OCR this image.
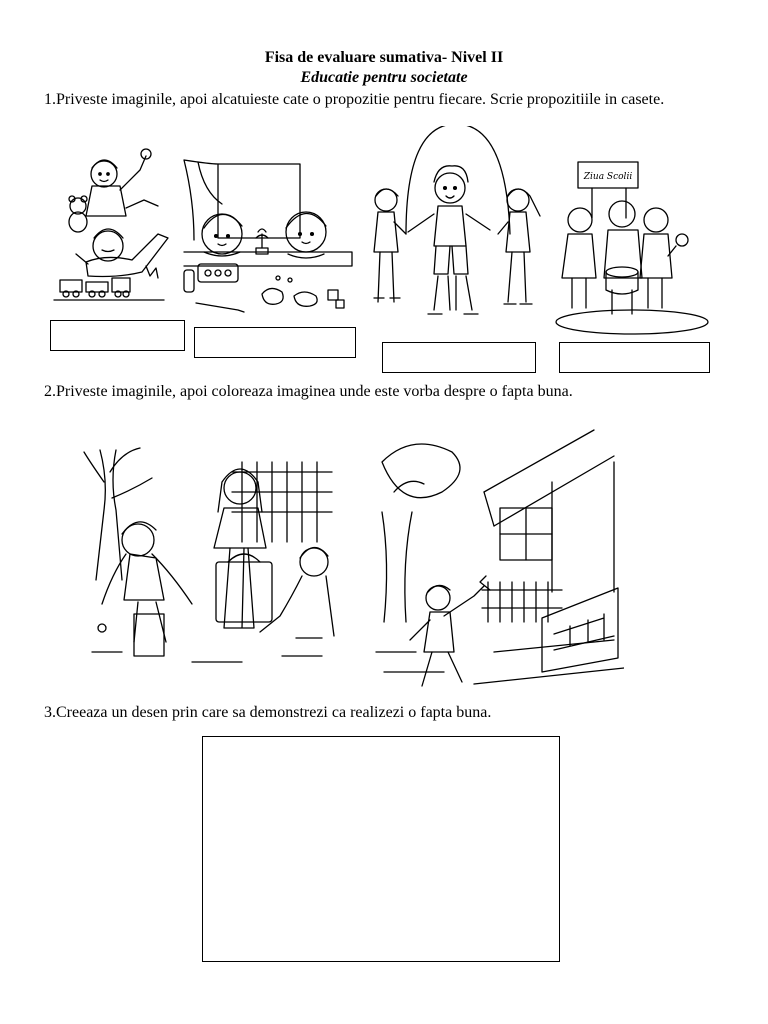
Fisa de evaluare sumativa- Nivel II
Educatie pentru societate
1.Priveste imaginile, apoi alcatuieste cate o propozitie pentru fiecare. Scrie propozitiile in casete.
Ziua Scolii
2.Priveste imaginile, apoi coloreaza imaginea unde este vorba despre o fapta buna.
3.Creeaza un desen prin care sa demonstrezi ca realizezi o fapta buna.
